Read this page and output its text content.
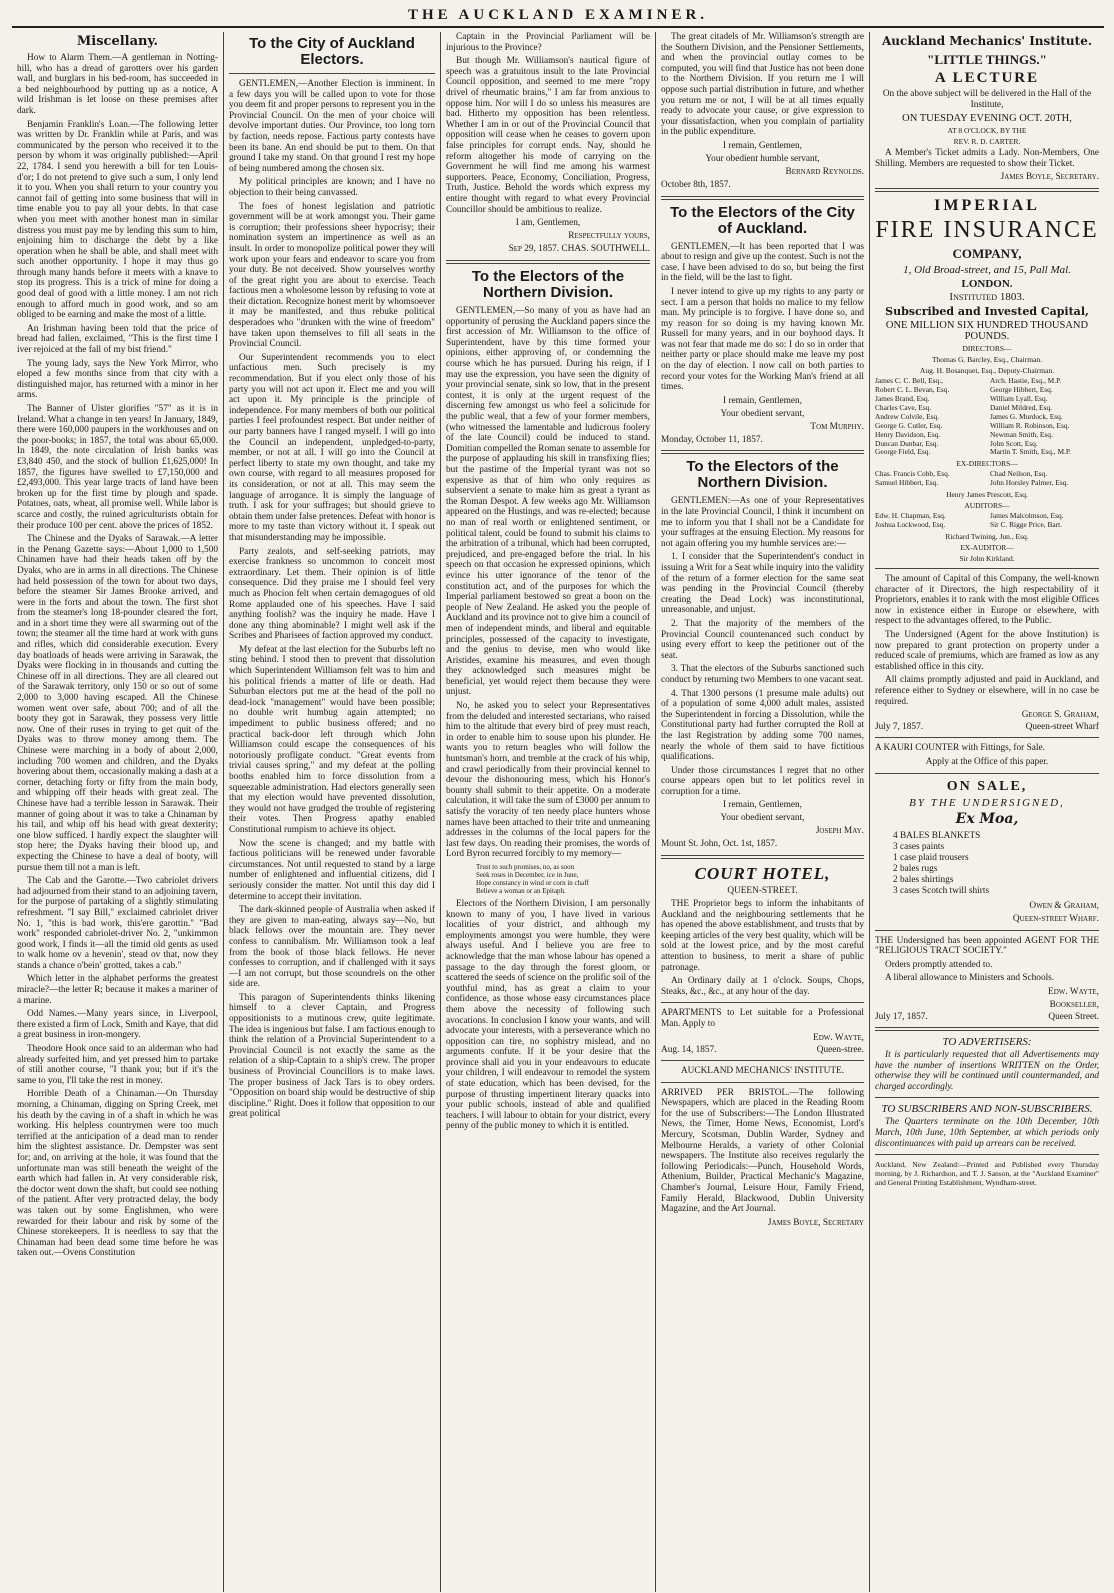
THE AUCKLAND EXAMINER.
Miscellany.

How to Alarm Them.—A gentleman in Notting-hill, who has a dread of garotters over his garden wall, and burglars in his bed-room, has succeeded in a bed neighbourhood by putting up as a notice, A wild Irishman is let loose on these premises after dark.

Benjamin Franklin's Loan.—The following letter was written by Dr. Franklin while at Paris, and was communicated by the person who received it to the person by whom it was originally published:—April 22, 1784. I send you herewith a bill for ten Louis-d'or; I do not pretend to give such a sum, I only lend it to you. When you shall return to your country you cannot fail of getting into some business that will in time enable you to pay all your debts. In that case when you meet with another honest man in similar distress you must pay me by lending this sum to him, enjoining him to discharge the debt by a like operation when he shall be able, and shall meet with such another opportunity. I hope it may thus go through many hands before it meets with a knave to stop its progress. This is a trick of mine for doing a good deal of good with a little money. I am not rich enough to afford much in good work, and so am obliged to be earning and make the most of a little.

An Irishman having been told that the price of bread had fallen, exclaimed, "This is the first time I iver rejoiced at the fall of my bist friend."

The young lady, says the New York Mirror, who eloped a few months since from that city with a distinguished major, has returned with a minor in her arms.

The Banner of Ulster glorifies "57" as it is in Ireland. What a change in ten years! In January, 1849, there were 160,000 paupers in the workhouses and on the poor-books; in 1857, the total was about 65,000. In 1849, the note circulation of Irish banks was £3,840 450, and the stock of bullion £1,625,000! In 1857, the figures have swelled to £7,150,000 and £2,493,000. This year large tracts of land have been broken up for the first time by plough and spade. Potatoes, oats, wheat, all promise well. While labor is scarce and costly, the ruined agriculturists obtain for their produce 100 per cent. above the prices of 1852.

The Chinese and the Dyaks of Sarawak.—A letter in the Penang Gazette says:—About 1,000 to 1,500 Chinamen have had their heads taken off by the Dyaks, who are in arms in all directions. The Chinese had held possession of the town for about two days, before the steamer Sir James Brooke arrived, and were in the forts and about the town. The first shot from the steamer's long 18-pounder cleared the fort, and in a short time they were all swarming out of the town; the steamer all the time hard at work with guns and rifles, which did considerable execution. Every day boatloads of heads were arriving in Sarawak, the Dyaks were flocking in in thousands and cutting the Chinese off in all directions. They are all cleared out of the Sarawak territory, only 150 or so out of some 2,000 to 3,000 having escaped. All the Chinese women went over safe, about 700; and of all the booty they got in Sarawak, they possess very little now. One of their ruses in trying to get quit of the Dyaks was to throw money among them. The Chinese were marching in a body of about 2,000, including 700 women and children, and the Dyaks hovering about them, occasionally making a dash at a corner, detaching forty or fifty from the main body, and whipping off their heads with great zeal. The Chinese have had a terrible lesson in Sarawak. Their manner of going about it was to take a Chinaman by his tail, and whip off his head with great dexterity; one blow sufficed. I hardly expect the slaughter will stop here; the Dyaks having their blood up, and expecting the Chinese to have a deal of booty, will pursue them till not a man is left.

The Cab and the Garotte.—Two cabriolet drivers had adjourned from their stand to an adjoining tavern, for the purpose of partaking of a slightly stimulating refreshment. "I say Bill," exclaimed cabriolet driver No. 1, "this is bad work, this'ere garottin." "Bad work" responded cabriolet-driver No. 2, "unkimmon good work, I finds it—all the timid old gents as used to walk home ov a hevenin', stead ov that, now they stands a chance o'bein' grotted, takes a cab."

Which letter in the alphabet performs the greatest miracle?—the letter R; because it makes a mariner of a marine.

Odd Names.—Many years since, in Liverpool, there existed a firm of Lock, Smith and Kaye, that did a great business in iron-mongery.

Theodore Hook once said to an alderman who had already surfeited him, and yet pressed him to partake of still another course, "I thank you; but if it's the same to you, I'll take the rest in money.

Horrible Death of a Chinaman.—On Thursday morning, a Chinaman, digging on Spring Creek, met his death by the caving in of a shaft in which he was working. His helpless countrymen were too much terrified at the anticipation of a dead man to render him the slightest assistance. Dr. Dempster was sent for; and, on arriving at the hole, it was found that the unfortunate man was still beneath the weight of the earth which had fallen in. At very considerable risk, the doctor went down the shaft, but could see nothing of the patient. After very protracted delay, the body was taken out by some Englishmen, who were rewarded for their labour and risk by some of the Chinese storekeepers. It is needless to say that the Chinaman had been dead some time before he was taken out.—Ovens Constitution

To the City of Auckland Electors.

GENTLEMEN,—Another Election is imminent. In a few days you will be called upon to vote for those you deem fit and proper persons to represent you in the Provincial Council. On the men of your choice will devolve important duties. Our Province, too long torn by faction, needs repose. Factious party contests have been its bane. An end should be put to them. On that ground I take my stand. On that ground I rest my hope of being numbered among the chosen six.

My political principles are known; and I have no objection to their being canvassed.

The foes of honest legislation and patriotic government will be at work amongst you. Their game is corruption; their professions sheer hypocrisy; their nomination system an impertinence as well as an insult. In order to monopolize political power they will work upon your fears and endeavor to scare you from your duty. Be not deceived. Show yourselves worthy of the great right you are about to exercise. Teach factious men a wholesome lesson by refusing to vote at their dictation. Recognize honest merit by whomsoever it may be manifested, and thus rebuke political desperadoes who "drunken with the wine of freedom" have taken upon themselves to fill all seats in the Provincial Council.

Our Superintendent recommends you to elect unfactious men. Such precisely is my recommendation. But if you elect only those of his party you will not act upon it. Elect me and you will act upon it. My principle is the principle of independence. For many members of both our political parties I feel profoundest respect. But under neither of our party banners have I ranged myself. I will go into the Council an independent, unpledged-to-party, member, or not at all. I will go into the Council at perfect liberty to state my own thought, and take my own course, with regard to all measures proposed for its consideration, or not at all. This may seem the language of arrogance. It is simply the language of truth. I ask for your suffrages; but should grieve to obtain them under false pretences. Defeat with honor is more to my taste than victory without it. I speak out that misunderstanding may be impossible.

Party zealots, and self-seeking patriots, may exercise frankness so uncommon to conceit most extraordinary. Let them. Their opinion is of little consequence. Did they praise me I should feel very much as Phocion felt when certain demagogues of old Rome applauded one of his speeches. Have I said anything foolish? was the inquiry he made. Have I done any thing abominable? I might well ask if the Scribes and Pharisees of faction approved my conduct.

My defeat at the last election for the Suburbs left no sting behind. I stood then to prevent that dissolution which Superintendent Williamson felt was to him and his political friends a matter of life or death. Had Suburban electors put me at the head of the poll no dead-lock "management" would have been possible; no double writ humbug again attempted; no impediment to public business offered; and no practical back-door left through which John Williamson could escape the consequences of his notoriously profligate conduct. "Great events from trivial causes spring," and my defeat at the polling booths enabled him to force dissolution from a squeezable administration. Had electors generally seen that my election would have prevented dissolution, they would not have grudged the trouble of registering their votes. Then Progress apathy enabled Constitutional rumpism to achieve its object.

Now the scene is changed; and my battle with factious politicians will be renewed under favorable circumstances. Not until requested to stand by a large number of enlightened and influential citizens, did I seriously consider the matter. Not until this day did I determine to accept their invitation.

The dark-skinned people of Australia when asked if they are given to man-eating, always say—No, but black fellows over the mountain are. They never confess to cannibalism. Mr. Williamson took a leaf from the book of those black fellows. He never confesses to corruption, and if challenged with it says—I am not corrupt, but those scoundrels on the other side are.

This paragon of Superintendents thinks likening himself to a clever Captain, and Progress oppositionists to a mutinous crew, quite legitimate. The idea is ingenious but false. I am factious enough to think the relation of a Provincial Superintendent to a Provincial Council is not exactly the same as the relation of a ship-Captain to a ship's crew. The proper business of Provincial Councillors is to make laws. The proper business of Jack Tars is to obey orders. "Opposition on board ship would be destructive of ship discipline." Right. Does it follow that opposition to our great political

Captain in the Provincial Parliament will be injurious to the Province?

But though Mr. Williamson's nautical figure of speech was a gratuitous insult to the late Provincial Council opposition, and seemed to me mere "ropy drivel of rheumatic brains," I am far from anxious to oppose him. Nor will I do so unless his measures are bad. Hitherto my opposition has been relentless. Whether I am in or out of the Provincial Council that opposition will cease when he ceases to govern upon false principles for corrupt ends. Nay, should he reform altogether his mode of carrying on the Government he will find me among his warmest supporters. Peace, Economy, Conciliation, Progress, Truth, Justice. Behold the words which express my entire thought with regard to what every Provincial Councillor should be ambitious to realize.

I am, Gentlemen,
Respectfully yours,
Sep 29, 1857. CHAS. SOUTHWELL.
To the Electors of the Northern Division.

GENTLEMEN,—So many of you as have had an opportunity of perusing the Auckland papers since the first accession of Mr. Williamson to the office of Superintendent, have by this time formed your opinions, either approving of, or condemning the course which he has pursued. During his reign, if I may use the expression, you have seen the dignity of your provincial senate, sink so low, that in the present contest, it is only at the urgent request of the discerning few amongst us who feel a solicitude for the public weal, that a few of your former members, (who witnessed the lamentable and ludicrous foolery of the late Council) could be induced to stand. Domitian compelled the Roman senate to assemble for the purpose of applauding his skill in transfixing flies; but the pastime of the Imperial tyrant was not so expensive as that of him who only requires as subservient a senate to make him as great a tyrant as the Roman Despot. A few weeks ago Mr. Williamson appeared on the Hustings, and was re-elected; because no man of real worth or enlightened sentiment, or political talent, could be found to submit his claims to the arbitration of a tribunal, which had been corrupted, prejudiced, and pre-engaged before the trial. In his speech on that occasion he expressed opinions, which evince his utter ignorance of the tenor of the constitution act, and of the purposes for which the Imperial parliament bestowed so great a boon on the people of New Zealand. He asked you the people of Auckland and its province not to give him a council of men of independent minds, and liberal and equitable principles, possessed of the capacity to investigate, and the genius to devise, men who would like Aristides, examine his measures, and even though they acknowledged such measures might be beneficial, yet would reject them because they were unjust.

No, he asked you to select your Representatives from the deluded and interested sectarians, who raised him to the altitude that every bird of prey must reach, in order to enable him to souse upon his plunder. He wants you to return beagles who will follow the huntsman's horn, and tremble at the crack of his whip, and crawl periodically from their provincial kennel to devour the dishonouring mess, which his Honor's bounty shall submit to their appetite. On a moderate calculation, it will take the sum of £3000 per annum to satisfy the voracity of ten needy place hunters whose names have been attached to their trite and unmeaning addresses in the columns of the local papers for the last few days. On reading their promises, the words of Lord Byron recurred forcibly to my memory—

Trust to such promises, no, as soon
Seek roses in December, ice in June,
Hope constancy in wind or corn in chaff
Believe a woman or an Epitaph.

Electors of the Northern Division, I am personally known to many of you, I have lived in various localities of your district, and although my employments amongst you were humble, they were always useful. And I believe you are free to acknowledge that the man whose labour has opened a passage to the day through the forest gloom, or scattered the seeds of science on the prolific soil of the youthful mind, has as great a claim to your confidence, as those whose easy circumstances place them above the necessity of following such avocations. In conclusion I know your wants, and will advocate your interests, with a perseverance which no opposition can tire, no sophistry mislead, and no arguments confute. If it be your desire that the province shall aid you in your endeavours to educate your children, I will endeavour to remodel the system of state education, which has been devised, for the purpose of thrusting impertinent literary quacks into your public schools, instead of able and qualified teachers. I will labour to obtain for your district, every penny of the public money to which it is entitled.

The great citadels of Mr. Williamson's strength are the Southern Division, and the Pensioner Settlements, and when the provincial outlay comes to be computed, you will find that Justice has not been done to the Northern Division. If you return me I will oppose such partial distribution in future, and whether you return me or not, I will be at all times equally ready to advocate your cause, or give expression to your dissatisfaction, when you complain of partiality in the public expenditure.

I remain, Gentlemen,
Your obedient humble servant,
Bernard Reynolds.

October 8th, 1857.

To the Electors of the City of Auckland.

GENTLEMEN,—It has been reported that I was about to resign and give up the contest. Such is not the case. I have been advised to do so, but being the first in the field, will be the last to fight.

I never intend to give up my rights to any party or sect. I am a person that holds no malice to my fellow man. My principle is to forgive. I have done so, and my reason for so doing is my having known Mr. Russell for many years, and in our boyhood days. It was not fear that made me do so: I do so in order that neither party or place should make me leave my post on the day of election. I now call on both parties to record your votes for the Working Man's friend at all times.

I remain, Gentlemen,
Your obedient servant,
Tom Murphy.

Monday, October 11, 1857.

To the Electors of the Northern Division.

GENTLEMEN:—As one of your Representatives in the late Provincial Council, I think it incumbent on me to inform you that I shall not be a Candidate for your suffrages at the ensuing Election. My reasons for not again offering you my humble services are:—

1. I consider that the Superintendent's conduct in issuing a Writ for a Seat while inquiry into the validity of the return of a former election for the same seat was pending in the Provincial Council (thereby creating the Dead Lock) was inconstitutional, unreasonable, and unjust.

2. That the majority of the members of the Provincial Council countenanced such conduct by using every effort to keep the petitioner out of the seat.

3. That the electors of the Suburbs sanctioned such conduct by returning two Members to one vacant seat.

4. That 1300 persons (1 presume male adults) out of a population of some 4,000 adult males, assisted the Superintendent in forcing a Dissolution, while the Constitutional party had further corrupted the Roll at the last Registration by adding some 700 names, nearly the whole of them said to have fictitious qualifications.

Under those circumstances I regret that no other course appears open but to let politics revel in corruption for a time.

I remain, Gentlemen,
Your obedient servant,
Joseph May.

Mount St. John, Oct. 1st, 1857.

COURT HOTEL,
QUEEN-STREET.

THE Proprietor begs to inform the inhabitants of Auckland and the neighbouring settlements that he has opened the above establishment, and trusts that by keeping articles of the very best quality, which will be sold at the lowest price, and by the most careful attention to business, to merit a share of public patronage.

An Ordinary daily at 1 o'clock. Soups, Chops, Steaks, &c., &c., at any hour of the day.

APARTMENTS to Let suitable for a Professional Man. Apply to

Edw. Wayte,
Aug. 14, 1857.	Queen-stree.
AUCKLAND MECHANICS' INSTITUTE.

ARRIVED PER BRISTOL.—The following Newspapers, which are placed in the Reading Room for the use of Subscribers:—The London Illustrated News, the Timer, Home News, Economist, Lord's Mercury, Scotsman, Dublin Warder, Sydney and Melbourne Heralds, a variety of other Colonial newspapers. The Institute also receives regularly the following Periodicals:—Punch, Household Words, Athenium, Builder, Practical Mechanic's Magazine, Chamber's Journal, Leisure Hour, Family Friend, Family Herald, Blackwood, Dublin University Magazine, and the Art Journal.

James Boyle, Secretary
Auckland Mechanics' Institute.
"LITTLE THINGS."
A LECTURE
On the above subject will be delivered in the Hall of the Institute,
ON TUESDAY EVENING OCT. 20TH,
AT 8 O'CLOCK, BY THE
REV. R. D. CARTER.

A Member's Ticket admits a Lady. Non-Members, One Shilling. Members are requested to show their Ticket.

James Boyle, Secretary.
IMPERIAL
FIRE INSURANCE
COMPANY,
1, Old Broad-street, and 15, Pall Mal.
LONDON.
Instituted 1803.
Subscribed and Invested Capital,
ONE MILLION SIX HUNDRED THOUSAND POUNDS.
DIRECTORS—
Thomas G. Barcley, Esq., Chairman.
Aug. H. Bosanquet, Esq., Deputy-Chairman.
James C. C. Bell, Esq.,	Arch. Hastie, Esq., M.P.
Robert C. L. Bevan, Esq.	George Hibbert, Esq.
James Brand, Esq.	William Lyall, Esq.
Charles Cave, Esq.	Daniel Mildred, Esq.
Andrew Colvile, Esq.	James G. Murdock, Esq.
George G. Cutler, Esq.	William R. Robinson, Esq.
Henry Davidson, Esq.	Newman Smith, Esq.
Duncan Dunbar, Esq.	John Scott, Esq.
George Field, Esq.	Martin T. Smith, Esq., M.P.
EX-DIRECTORS—
Chas. Francis Cobb, Esq.	Chad Neilson, Esq.
Samuel Hibbert, Esq.	John Horsley Palmer, Esq.
Henry James Prescott, Esq.
AUDITORS—
Edw. H. Chapman, Esq.	James Malcolmson, Esq.
Joshua Lockwood, Esq.	Sir C. Rigge Price, Bart.
Richard Twining, Jun., Esq.
EX-AUDITOR—
Sir John Kirkland.

The amount of Capital of this Company, the well-known character of it Directors, the high respectability of it Proprietors, enables it to rank with the most eligible Offices now in existence either in Europe or elsewhere, with respect to the advantages offered, to the Public.

The Undersigned (Agent for the above Institution) is now prepared to grant protection on property under a reduced scale of premiums, which are framed as low as any established office in this city.

All claims promptly adjusted and paid in Auckland, and reference either to Sydney or elsewhere, will in no case be required.

George S. Graham,
July 7, 1857.	Queen-street Wharf

A KAURI COUNTER with Fittings, for Sale.

Apply at the Office of this paper.
ON SALE,
BY THE UNDERSIGNED,
Ex Moa,
4 BALES BLANKETS
3 cases paints
1 case plaid trousers
2 bales rugs
2 bales shirtings
3 cases Scotch twill shirts
Owen & Graham,
Queen-street Wharf.

THE Undersigned has been appointed AGENT FOR THE "RELIGIOUS TRACT SOCIETY."

Orders promptly attended to.

A liberal allowance to Ministers and Schools.

Edw. Wayte,
Bookseller,
July 17, 1857.	Queen Street.
TO ADVERTISERS:

It is particularly requested that all Advertisements may have the number of insertions WRITTEN on the Order, otherwise they will be continued until countermanded, and charged accordingly.

TO SUBSCRIBERS AND NON-SUBSCRIBERS.

The Quarters terminate on the 10th December, 10th March, 10th June, 10th September, at which periods only discontinuances with paid up arrears can be received.

Auckland, New Zealand:—Printed and Published every Thursday morning, by J. Richardson, and T. J. Sanson, at the "Auckland Examiner" and General Printing Establishment, Wyndham-street.
